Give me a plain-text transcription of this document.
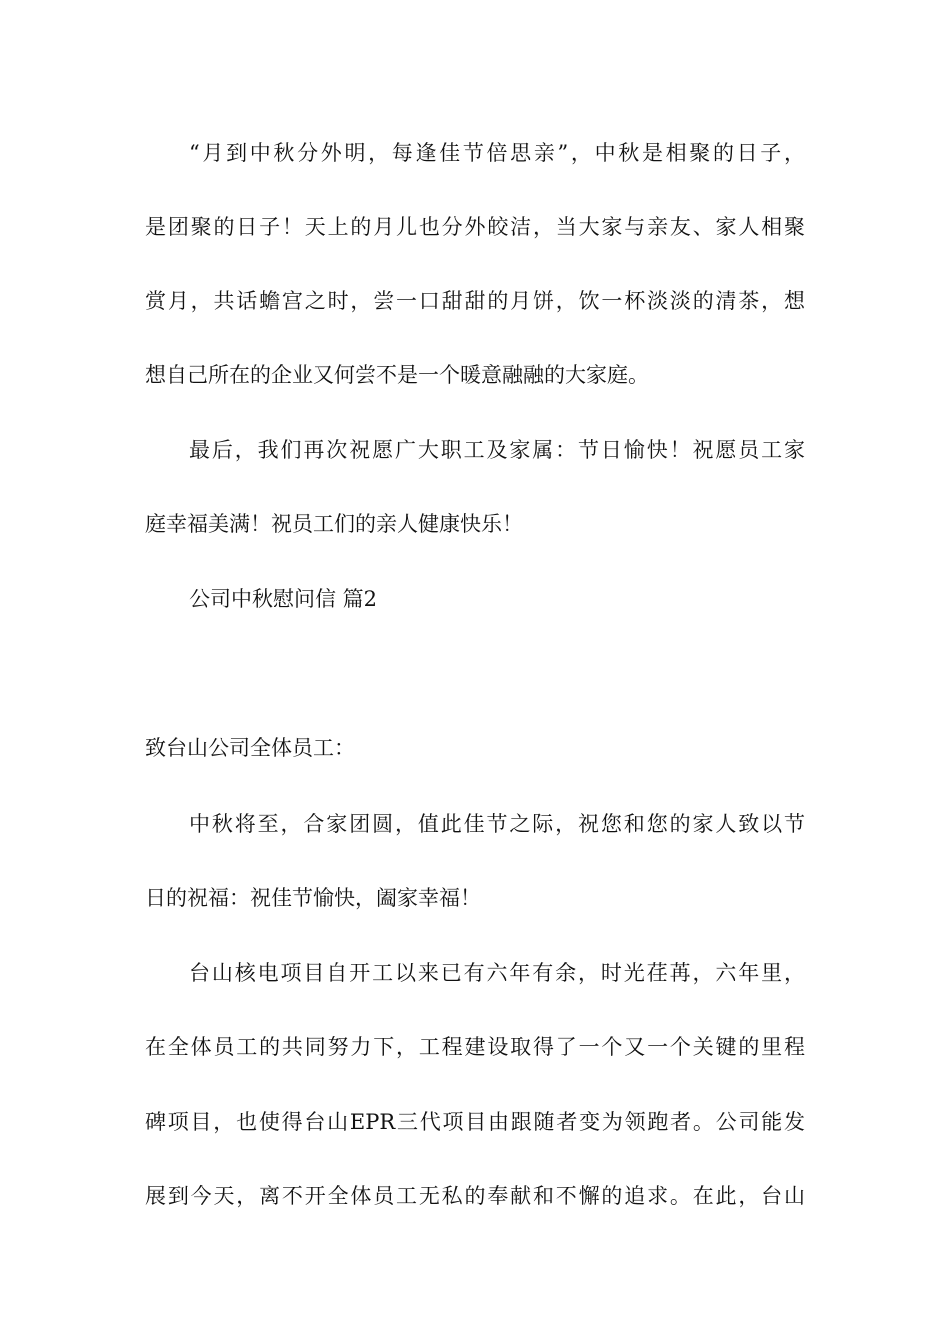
“月到中秋分外明，每逢佳节倍思亲”，中秋是相聚的日子，
是团聚的日子！天上的月儿也分外皎洁，当大家与亲友、家人相聚
赏月，共话蟾宫之时，尝一口甜甜的月饼，饮一杯淡淡的清茶，想
想自己所在的企业又何尝不是一个暖意融融的大家庭。
最后，我们再次祝愿广大职工及家属：节日愉快！祝愿员工家
庭幸福美满！祝员工们的亲人健康快乐！
公司中秋慰问信 篇2
致台山公司全体员工：
中秋将至，合家团圆，值此佳节之际，祝您和您的家人致以节
日的祝福：祝佳节愉快，阖家幸福！
台山核电项目自开工以来已有六年有余，时光荏苒，六年里，
在全体员工的共同努力下，工程建设取得了一个又一个关键的里程
碑项目，也使得台山EPR三代项目由跟随者变为领跑者。公司能发
展到今天，离不开全体员工无私的奉献和不懈的追求。在此，台山
